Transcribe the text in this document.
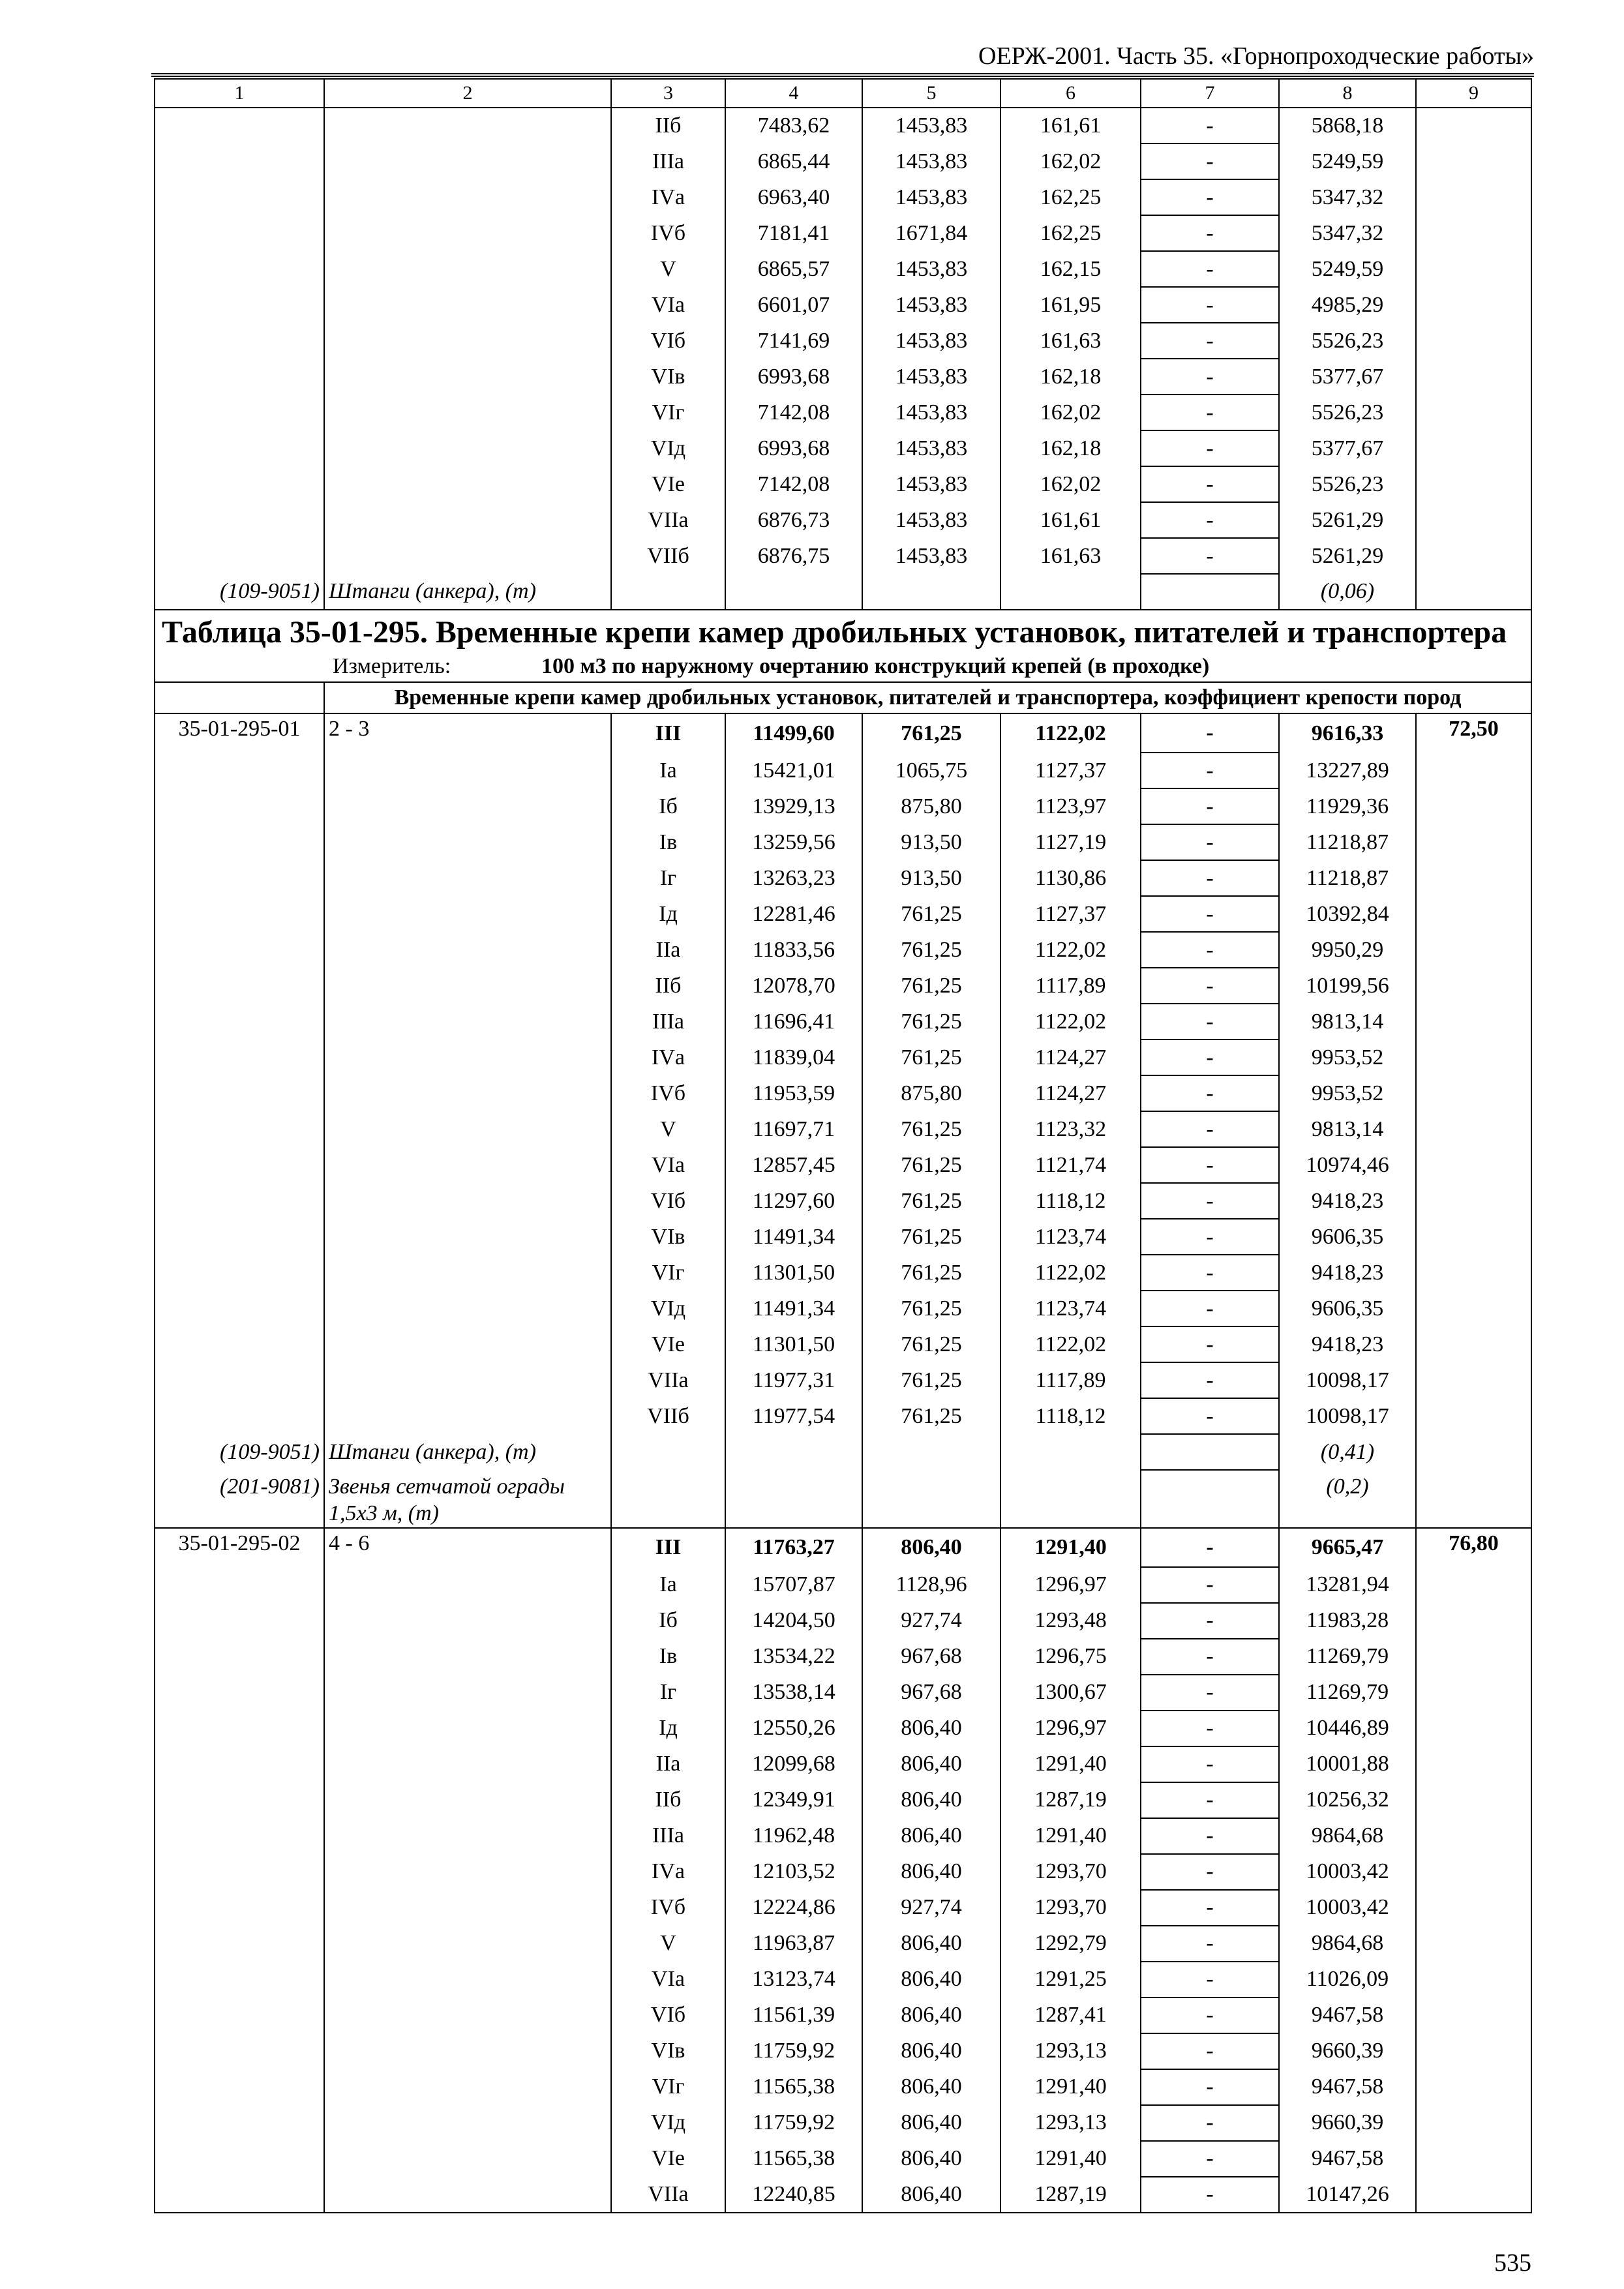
ОЕРЖ-2001. Часть 35. «Горнопроходческие работы»
1	2	3	4	5	6	7	8	9
		IIб	7483,62	1453,83	161,61	-	5868,18	
		IIIа	6865,44	1453,83	162,02	-	5249,59	
		IVа	6963,40	1453,83	162,25	-	5347,32	
		IVб	7181,41	1671,84	162,25	-	5347,32	
		V	6865,57	1453,83	162,15	-	5249,59	
		VIа	6601,07	1453,83	161,95	-	4985,29	
		VIб	7141,69	1453,83	161,63	-	5526,23	
		VIв	6993,68	1453,83	162,18	-	5377,67	
		VIг	7142,08	1453,83	162,02	-	5526,23	
		VIд	6993,68	1453,83	162,18	-	5377,67	
		VIе	7142,08	1453,83	162,02	-	5526,23	
		VIIа	6876,73	1453,83	161,61	-	5261,29	
		VIIб	6876,75	1453,83	161,63	-	5261,29	
(109-9051)	Штанги (анкера), (т)						(0,06)	

Таблица 35-01-295. Временные крепи камер дробильных установок, питателей и транспортера
Измеритель: 100 м3 по наружному очертанию конструкций крепей (в проходке)								

	Временные крепи камер дробильных установок, питателей и транспортера, коэффициент крепости пород							
35-01-295-01	2 - 3	III	11499,60	761,25	1122,02	-	9616,33	72,50
		Iа	15421,01	1065,75	1127,37	-	13227,89	
		Iб	13929,13	875,80	1123,97	-	11929,36	
		Iв	13259,56	913,50	1127,19	-	11218,87	
		Iг	13263,23	913,50	1130,86	-	11218,87	
		Iд	12281,46	761,25	1127,37	-	10392,84	
		IIа	11833,56	761,25	1122,02	-	9950,29	
		IIб	12078,70	761,25	1117,89	-	10199,56	
		IIIа	11696,41	761,25	1122,02	-	9813,14	
		IVа	11839,04	761,25	1124,27	-	9953,52	
		IVб	11953,59	875,80	1124,27	-	9953,52	
		V	11697,71	761,25	1123,32	-	9813,14	
		VIа	12857,45	761,25	1121,74	-	10974,46	
		VIб	11297,60	761,25	1118,12	-	9418,23	
		VIв	11491,34	761,25	1123,74	-	9606,35	
		VIг	11301,50	761,25	1122,02	-	9418,23	
		VIд	11491,34	761,25	1123,74	-	9606,35	
		VIе	11301,50	761,25	1122,02	-	9418,23	
		VIIа	11977,31	761,25	1117,89	-	10098,17	
		VIIб	11977,54	761,25	1118,12	-	10098,17	
(109-9051)	Штанги (анкера), (т)						(0,41)	
(201-9081)	Звенья сетчатой ограды 1,5х3 м, (т)						(0,2)	
35-01-295-02	4 - 6	III	11763,27	806,40	1291,40	-	9665,47	76,80
		Iа	15707,87	1128,96	1296,97	-	13281,94	
		Iб	14204,50	927,74	1293,48	-	11983,28	
		Iв	13534,22	967,68	1296,75	-	11269,79	
		Iг	13538,14	967,68	1300,67	-	11269,79	
		Iд	12550,26	806,40	1296,97	-	10446,89	
		IIа	12099,68	806,40	1291,40	-	10001,88	
		IIб	12349,91	806,40	1287,19	-	10256,32	
		IIIа	11962,48	806,40	1291,40	-	9864,68	
		IVа	12103,52	806,40	1293,70	-	10003,42	
		IVб	12224,86	927,74	1293,70	-	10003,42	
		V	11963,87	806,40	1292,79	-	9864,68	
		VIа	13123,74	806,40	1291,25	-	11026,09	
		VIб	11561,39	806,40	1287,41	-	9467,58	
		VIв	11759,92	806,40	1293,13	-	9660,39	
		VIг	11565,38	806,40	1291,40	-	9467,58	
		VIд	11759,92	806,40	1293,13	-	9660,39	
		VIе	11565,38	806,40	1291,40	-	9467,58	
		VIIа	12240,85	806,40	1287,19	-	10147,26	
535
